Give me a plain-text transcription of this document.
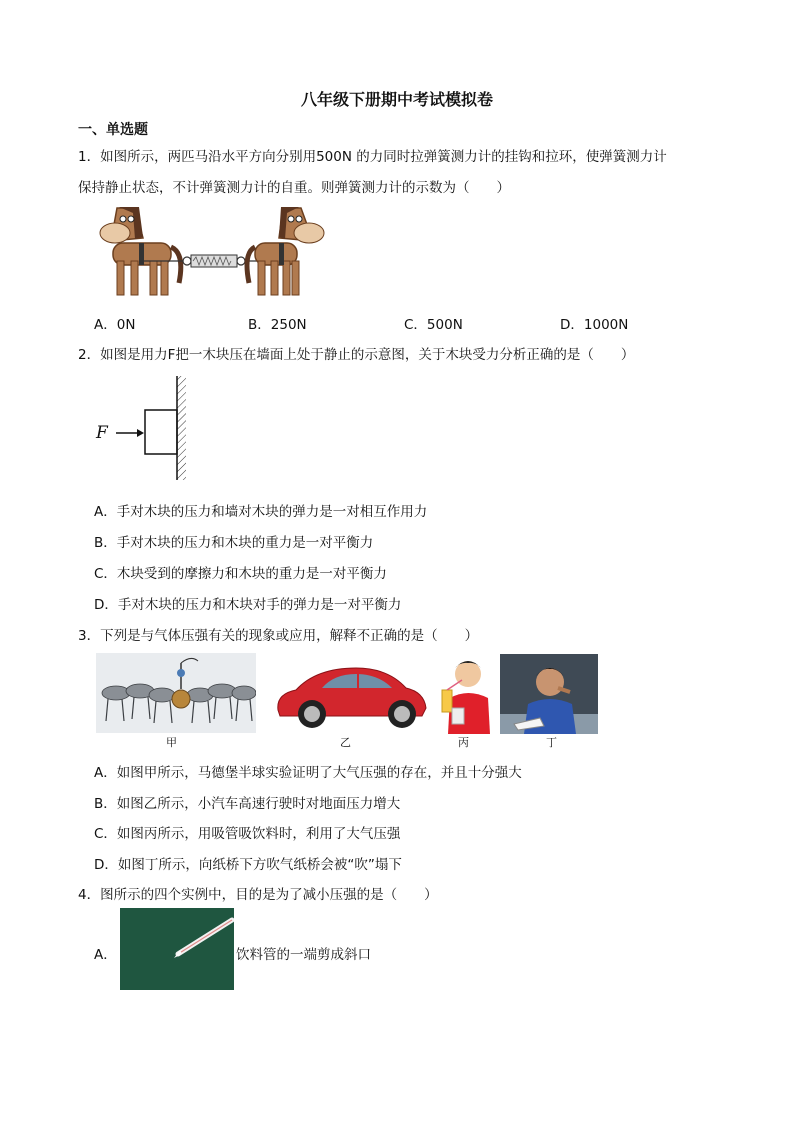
八年级下册期中考试模拟卷
一、单选题
1．如图所示，两匹马沿水平方向分别用500N 的力同时拉弹簧测力计的挂钩和拉环，使弹簧测力计
保持静止状态，不计弹簧测力计的自重。则弹簧测力计的示数为（　　）
A．0N	B．250N	C．500N	D．1000N
2．如图是用力F把一木块压在墙面上处于静止的示意图，关于木块受力分析正确的是（　　）
F
A．手对木块的压力和墙对木块的弹力是一对相互作用力
B．手对木块的压力和木块的重力是一对平衡力
C．木块受到的摩擦力和木块的重力是一对平衡力
D．手对木块的压力和木块对手的弹力是一对平衡力
3．下列是与气体压强有关的现象或应用，解释不正确的是（　　）
甲	乙	丙	丁
A．如图甲所示，马德堡半球实验证明了大气压强的存在，并且十分强大
B．如图乙所示，小汽车高速行驶时对地面压力增大
C．如图丙所示，用吸管吸饮料时，利用了大气压强
D．如图丁所示，向纸桥下方吹气纸桥会被“吹”塌下
4．图所示的四个实例中，目的是为了减小压强的是（　　）
A．	饮料管的一端剪成斜口
